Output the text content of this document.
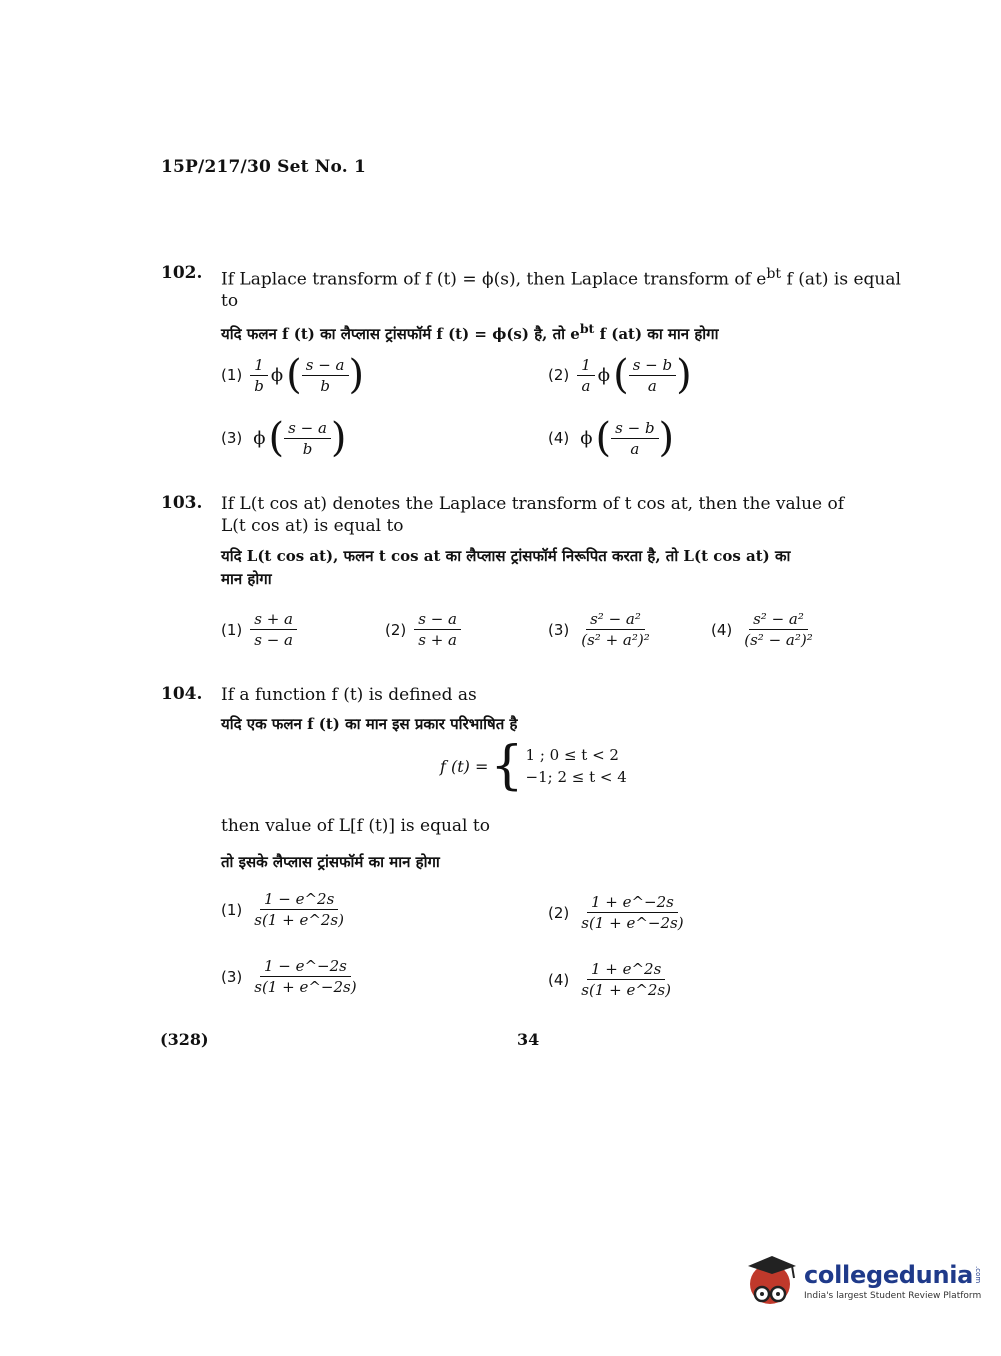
15P/217/30 Set No. 1
102. If Laplace transform of f (t) = ϕ(s), then Laplace transform of $e^{bt}$ f (at) is equal
to
यदि फलन f (t) का लैप्लास ट्रांसफॉर्म f (t) = ϕ(s) है, तो $e^{bt}$ f (at) का मान होगा
$(1) \frac{1}{b}$ ϕ ( $\frac{s - a}{b}$ )	$(2) \frac{1}{a}$ ϕ ( $\frac{s - b}{a}$ )
(3) ϕ ( $\frac{s - a}{b}$ )	(4) ϕ ( $\frac{s - b}{a}$ )
103. If L(t cos at) denotes the Laplace transform of t cos at, then the value of
L(t cos at) is equal to
यदि L(t cos at), फलन t cos at का लैप्लास ट्रांसफॉर्म निरूपित करता है, तो L(t cos at) का
मान होगा
$(1) \frac{s + a}{s - a}$	$(2) \frac{s - a}{s + a}$	$(3) \frac{\text{s² − a²}}{\text{(s² + a²)²}}$	$(4) \frac{\text{s² − a²}}{\text{(s² − a²)²}}$
104. If a function f (t) is defined as
यदि एक फलन f (t) का मान इस प्रकार परिभाषित है
f (t) = { 1 ; 0 ≤ t < 2
−1; 2 ≤ t < 4
then value of L[f (t)] is equal to
तो इसके लैप्लास ट्रांसफॉर्म का मान होगा
$(1) \frac{1 - e\^{}2s}{s(1 + e\^{}2s)}$	$(2) \frac{1 + e\^{}-2s}{s(1 + e\^{}-2s)}$
$(3) \frac{1 - e\^{}-2s}{s(1 + e\^{}-2s)}$	$(4) \frac{1 + e\^{}2s}{s(1 + e\^{}2s)}$
(328)	34
collegedunia .com
India's largest Student Review Platform
